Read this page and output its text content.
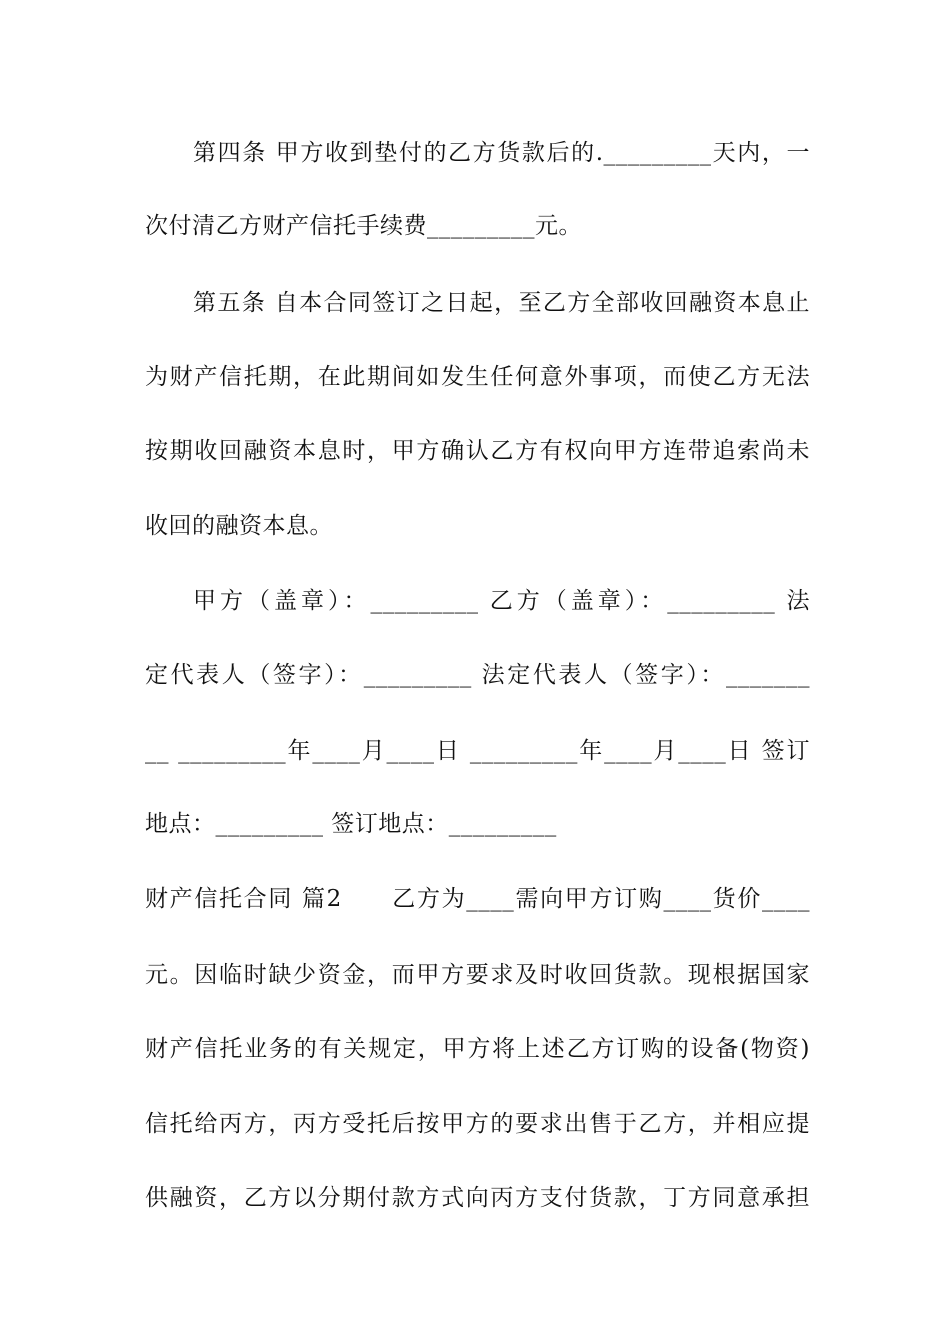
第四条 甲方收到垫付的乙方货款后的._________天内，一
次付清乙方财产信托手续费_________元。
第五条 自本合同签订之日起，至乙方全部收回融资本息止
为财产信托期，在此期间如发生任何意外事项，而使乙方无法
按期收回融资本息时，甲方确认乙方有权向甲方连带追索尚未
收回的融资本息。
甲方（盖章）：_________ 乙方（盖章）：_________ 法
定代表人（签字）：_________ 法定代表人（签字）：_______
__ _________年____月____日 _________年____月____日 签订
地点：_________ 签订地点：_________
财产信托合同 篇2　　乙方为____需向甲方订购____货价____
元。因临时缺少资金，而甲方要求及时收回货款。现根据国家
财产信托业务的有关规定，甲方将上述乙方订购的设备(物资)
信托给丙方，丙方受托后按甲方的要求出售于乙方，并相应提
供融资，乙方以分期付款方式向丙方支付货款，丁方同意承担
